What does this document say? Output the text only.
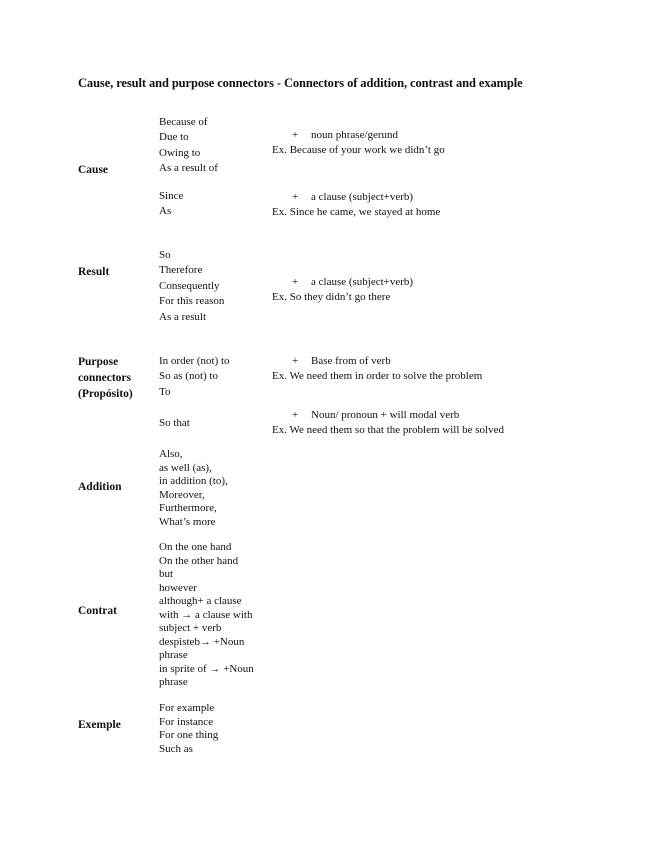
Cause, result and purpose connectors - Connectors of addition, contrast and example
Cause
Because of
Due to
Owing to
As a result of
+ noun phrase/gerund
Ex. Because of your work we didn’t go
Since
As
+ a clause (subject+verb)
Ex. Since he came, we stayed at home
Result
So
Therefore
Consequently
For this reason
As a result
+ a clause (subject+verb)
Ex. So they didn’t go there
Purpose
connectors
(Propósito)
In order (not) to
So as (not) to
To
+ Base from of verb
Ex. We need them in order to solve the problem
So that
+ Noun/ pronoun + will modal verb
Ex. We need them so that the problem will be solved
Addition
Also,
as well (as),
in addition (to),
Moreover,
Furthermore,
What’s more
Contrat
On the one hand
On the other hand
but
however
although+ a clause
with → a clause with
subject + verb
despisteb→ +Noun
phrase
in sprite of → +Noun
phrase
Exemple
For example
For instance
For one thing
Such as
